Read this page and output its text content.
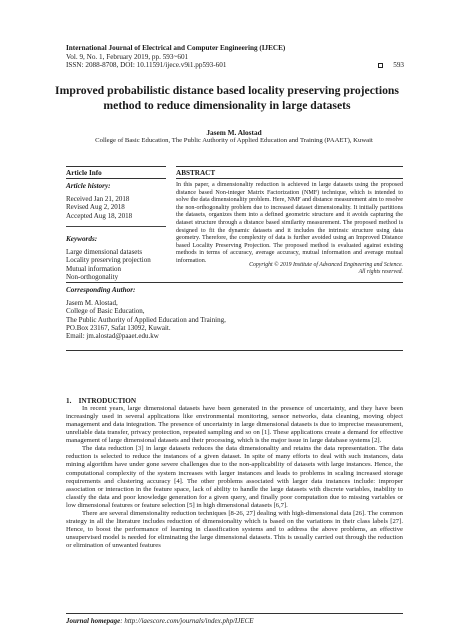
International Journal of Electrical and Computer Engineering (IJECE)
Vol. 9, No. 1, February 2019, pp. 593~601
ISSN: 2088-8708, DOI: 10.11591/ijece.v9i1.pp593-601	593
Improved probabilistic distance based locality preserving projections method to reduce dimensionality in large datasets
Jasem M. Alostad
College of Basic Education, The Public Authority of Applied Education and Training (PAAET), Kuwait
Article Info	ABSTRACT
Article history:
Received Jan 21, 2018
Revised Aug 2, 2018
Accepted Aug 18, 2018
Keywords:
Large dimensional datasets
Locality preserving projection
Mutual information
Non-orthogonality
In this paper, a dimensionality reduction is achieved in large datasets using the proposed distance based Non-integer Matrix Factorization (NMF) technique, which is intended to solve the data dimensionality problem. Here, NMF and distance measurement aim to resolve the non-orthogonality problem due to increased dataset dimensionality. It initially partitions the datasets, organizes them into a defined geometric structure and it avoids capturing the dataset structure through a distance based similarity measurement. The proposed method is designed to fit the dynamic datasets and it includes the intrinsic structure using data geometry. Therefore, the complexity of data is further avoided using an Improved Distance based Locality Preserving Projection. The proposed method is evaluated against existing methods in terms of accuracy, average accuracy, mutual information and average mutual information.
Copyright © 2019 Institute of Advanced Engineering and Science.
All rights reserved.
Corresponding Author:
Jasem M. Alostad,
College of Basic Education,
The Public Authority of Applied Education and Training,
PO.Box 23167, Safat 13092, Kuwait.
Email: jm.alostad@paaet.edu.kw
1.    INTRODUCTION

In recent years, large dimensional datasets have been generated in the presence of uncertainty, and they have been increasingly used in several applications like environmental monitoring, sensor networks, data cleaning, moving object management and data integration. The presence of uncertainty in large dimensional datasets is due to imprecise measurement, unreliable data transfer, privacy protection, repeated sampling and so on [1]. These applications create a demand for effective management of large dimensional datasets and their processing, which is the major issue in large database systems [2].

The data reduction [3] in large datasets reduces the data dimensionality and retains the data representation. The data reduction is selected to reduce the instances of a given dataset. In spite of many efforts to deal with such instances, data mining algorithm have under gone severe challenges due to the non-applicability of datasets with large instances. Hence, the computational complexity of the system increases with larger instances and leads to problems in scaling increased storage requirements and clustering accuracy [4]. The other problems associated with larger data instances include: improper association or interaction in the feature space, lack of ability to handle the large datasets with discrete variables, inability to classify the data and poor knowledge generation for a given query, and finally poor computation due to missing variables or low dimensional features or feature selection [5] in high dimensional datasets [6,7].

There are several dimensionality reduction techniques [8-26, 27] dealing with high-dimensional data [26]. The common strategy in all the literature includes reduction of dimensionality which is based on the variations in their class labels [27]. Hence, to boost the performance of learning in classification systems and to address the above problems, an effective unsupervised model is needed for eliminating the large dimensional datasets. This is usually carried out through the reduction or elimination of unwanted features

Journal homepage: http://iaescore.com/journals/index.php/IJECE
